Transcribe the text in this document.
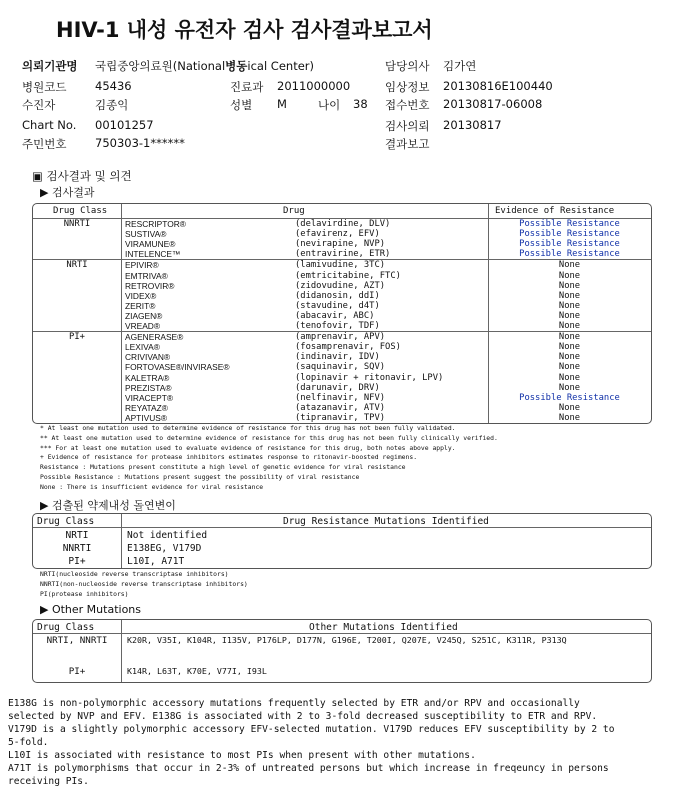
HIV-1 내성 유전자 검사 검사결과보고서
의뢰기관명 국립중앙의료원(National병동ical Center)	담당의사 김가연
병원코드 45436	진료과 2011000000	임상정보 20130816E100440
수진자	김종익	성별 M	나이 38 접수번호 20130817-06008
Chart No. 00101257	검사의뢰 20130817
주민번호 750303-1******	결과보고
▣ 검사결과 및 의견
▶ 검사결과
Drug Class	Drug	Evidence of Resistance
NNRTI	RESCRIPTOR®	(delavirdine, DLV)	Possible Resistance
SUSTIVA®	(efavirenz, EFV)	Possible Resistance
VIRAMUNE®	(nevirapine, NVP)	Possible Resistance
INTELENCE™	(entravirine, ETR)	Possible Resistance
NRTI	EPIVIR®	(lamivudine, 3TC)	None
EMTRIVA®	(emtricitabine, FTC)	None
RETROVIR®	(zidovudine, AZT)	None
VIDEX®	(didanosin, ddI)	None
ZERIT®	(stavudine, d4T)	None
ZIAGEN®	(abacavir, ABC)	None
VREAD®	(tenofovir, TDF)	None
PI+	AGENERASE®	(amprenavir, APV)	None
LEXIVA®	(fosamprenavir, FOS)	None
CRIVIVAN®	(indinavir, IDV)	None
FORTOVASE®/INVIRASE®	(saquinavir, SQV)	None
KALETRA®	(lopinavir + ritonavir, LPV)	None
PREZISTA®	(darunavir, DRV)	None
VIRACEPT®	(nelfinavir, NFV)	Possible Resistance
REYATAZ®	(atazanavir, ATV)	None
APTIVUS®	(tipranavir, TPV)	None
* At least one mutation used to determine evidence of resistance for this drug has not been fully validated.
** At least one mutation used to determine evidence of resistance for this drug has not been fully clinically verified.
*** For at least one mutation used to evaluate evidence of resistance for this drug, both notes above apply.
+ Evidence of resistance for protease inhibitors estimates response to ritonavir-boosted regimens.
Resistance : Mutations present constitute a high level of genetic evidence for viral resistance
Possible Resistance : Mutations present suggest the possibility of viral resistance
None : There is insufficient evidence for viral resistance
▶ 검출된 약제내성 돌연변이
Drug Class	Drug Resistance Mutations Identified
NRTI	Not identified
NNRTI	E138EG, V179D
PI+	L10I, A71T
NRTI(nucleoside reverse transcriptase inhibitors)
NNRTI(non-nucleoside reverse transcriptase inhibitors)
PI(protease inhibitors)
▶ Other Mutations
Drug Class	Other Mutations Identified
NRTI, NNRTI	K20R, V35I, K104R, I135V, P176LP, D177N, G196E, T200I, Q207E, V245Q, S251C, K311R, P313Q
PI+	K14R, L63T, K70E, V77I, I93L
E138G is non-polymorphic accessory mutations frequently selected by ETR and/or RPV and occasionally
selected by NVP and EFV. E138G is associated with 2 to 3-fold decreased susceptibility to ETR and RPV.
V179D is a slightly polymorphic accessory EFV-selected mutation. V179D reduces EFV susceptibility by 2 to
5-fold.
L10I is associated with resistance to most PIs when present with other mutations.
A71T is polymorphisms that occur in 2-3% of untreated persons but which increase in freqeuncy in persons
receiving PIs.
